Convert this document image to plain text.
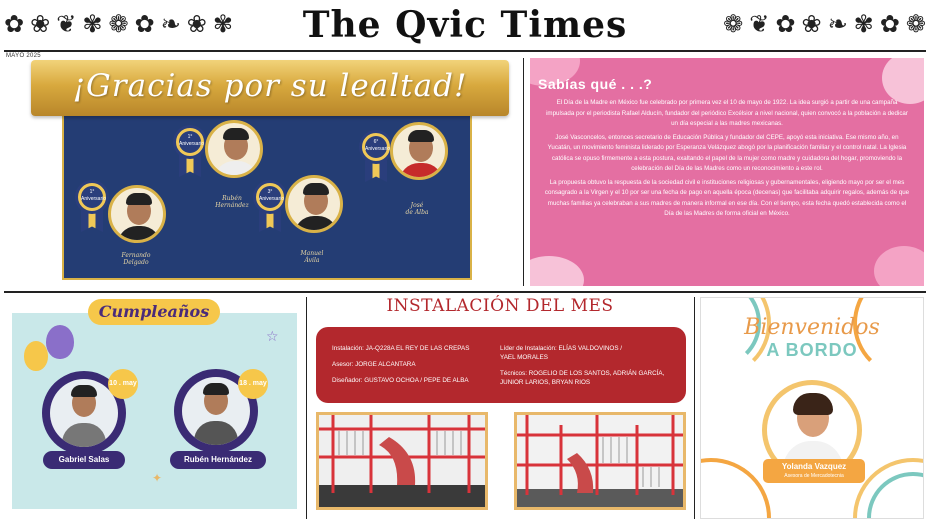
✿ ❀ ❦ ✾ ❁ ✿ ❧ ❀ ✾ The Qvic Times	❁ ❦ ✿ ❀ ❧ ✾ ✿ ❁
MAYO 2025
¡Gracias por su lealtad!
1° Aniversario
Fernando
Delgado
1° Aniversario
Rubén
Hernández
3° Aniversario
Manuel
Ávila
6° Aniversario
José
de Alba
Sabías qué . . .?

El Día de la Madre en México fue celebrado por primera vez el 10 de mayo de 1922. La idea surgió a partir de una campaña impulsada por el periodista Rafael Alducín, fundador del periódico Excélsior a nivel nacional, quien convocó a la población a dedicar un día especial a las madres mexicanas.

José Vasconcelos, entonces secretario de Educación Pública y fundador del CEPE, apoyó esta iniciativa. Ese mismo año, en Yucatán, un movimiento feminista liderado por Esperanza Velázquez abogó por la planificación familiar y el control natal. La Iglesia católica se opuso firmemente a esta postura, exaltando el papel de la mujer como madre y cuidadora del hogar, promoviendo la celebración del Día de las Madres como un reconocimiento a este rol.

La propuesta obtuvo la respuesta de la sociedad civil e instituciones religiosas y gubernamentales, eligiendo mayo por ser el mes consagrado a la Virgen y el 10 por ser una fecha de pago en aquella época (decenas) que facilitaba adquirir regalos, además de que muchas familias ya celebraban a sus madres de manera informal en ese día. Con el tiempo, esta fecha quedó establecida como el Día de las Madres de forma oficial en México.

☆
✦
10 . may
Gabriel Salas
18 . may
Rubén Hernández
Cumpleaños	INSTALACIÓN DEL MES

Instalación: JA-Q228A EL REY DE LAS CREPAS

Asesor: JORGE ALCANTARA

Diseñador: GUSTAVO OCHOA / PEPE DE ALBA

Líder de Instalación: ELÍAS VALDOVINOS /

YAEL MORALES

Técnicos: ROGELIO DE LOS SANTOS, ADRIÁN GARCÍA,
JUNIOR LARIOS, BRYAN RIOS
Bienvenidos
A BORDO
Yolanda Vazquez
Asesora de Mercadotecnia
